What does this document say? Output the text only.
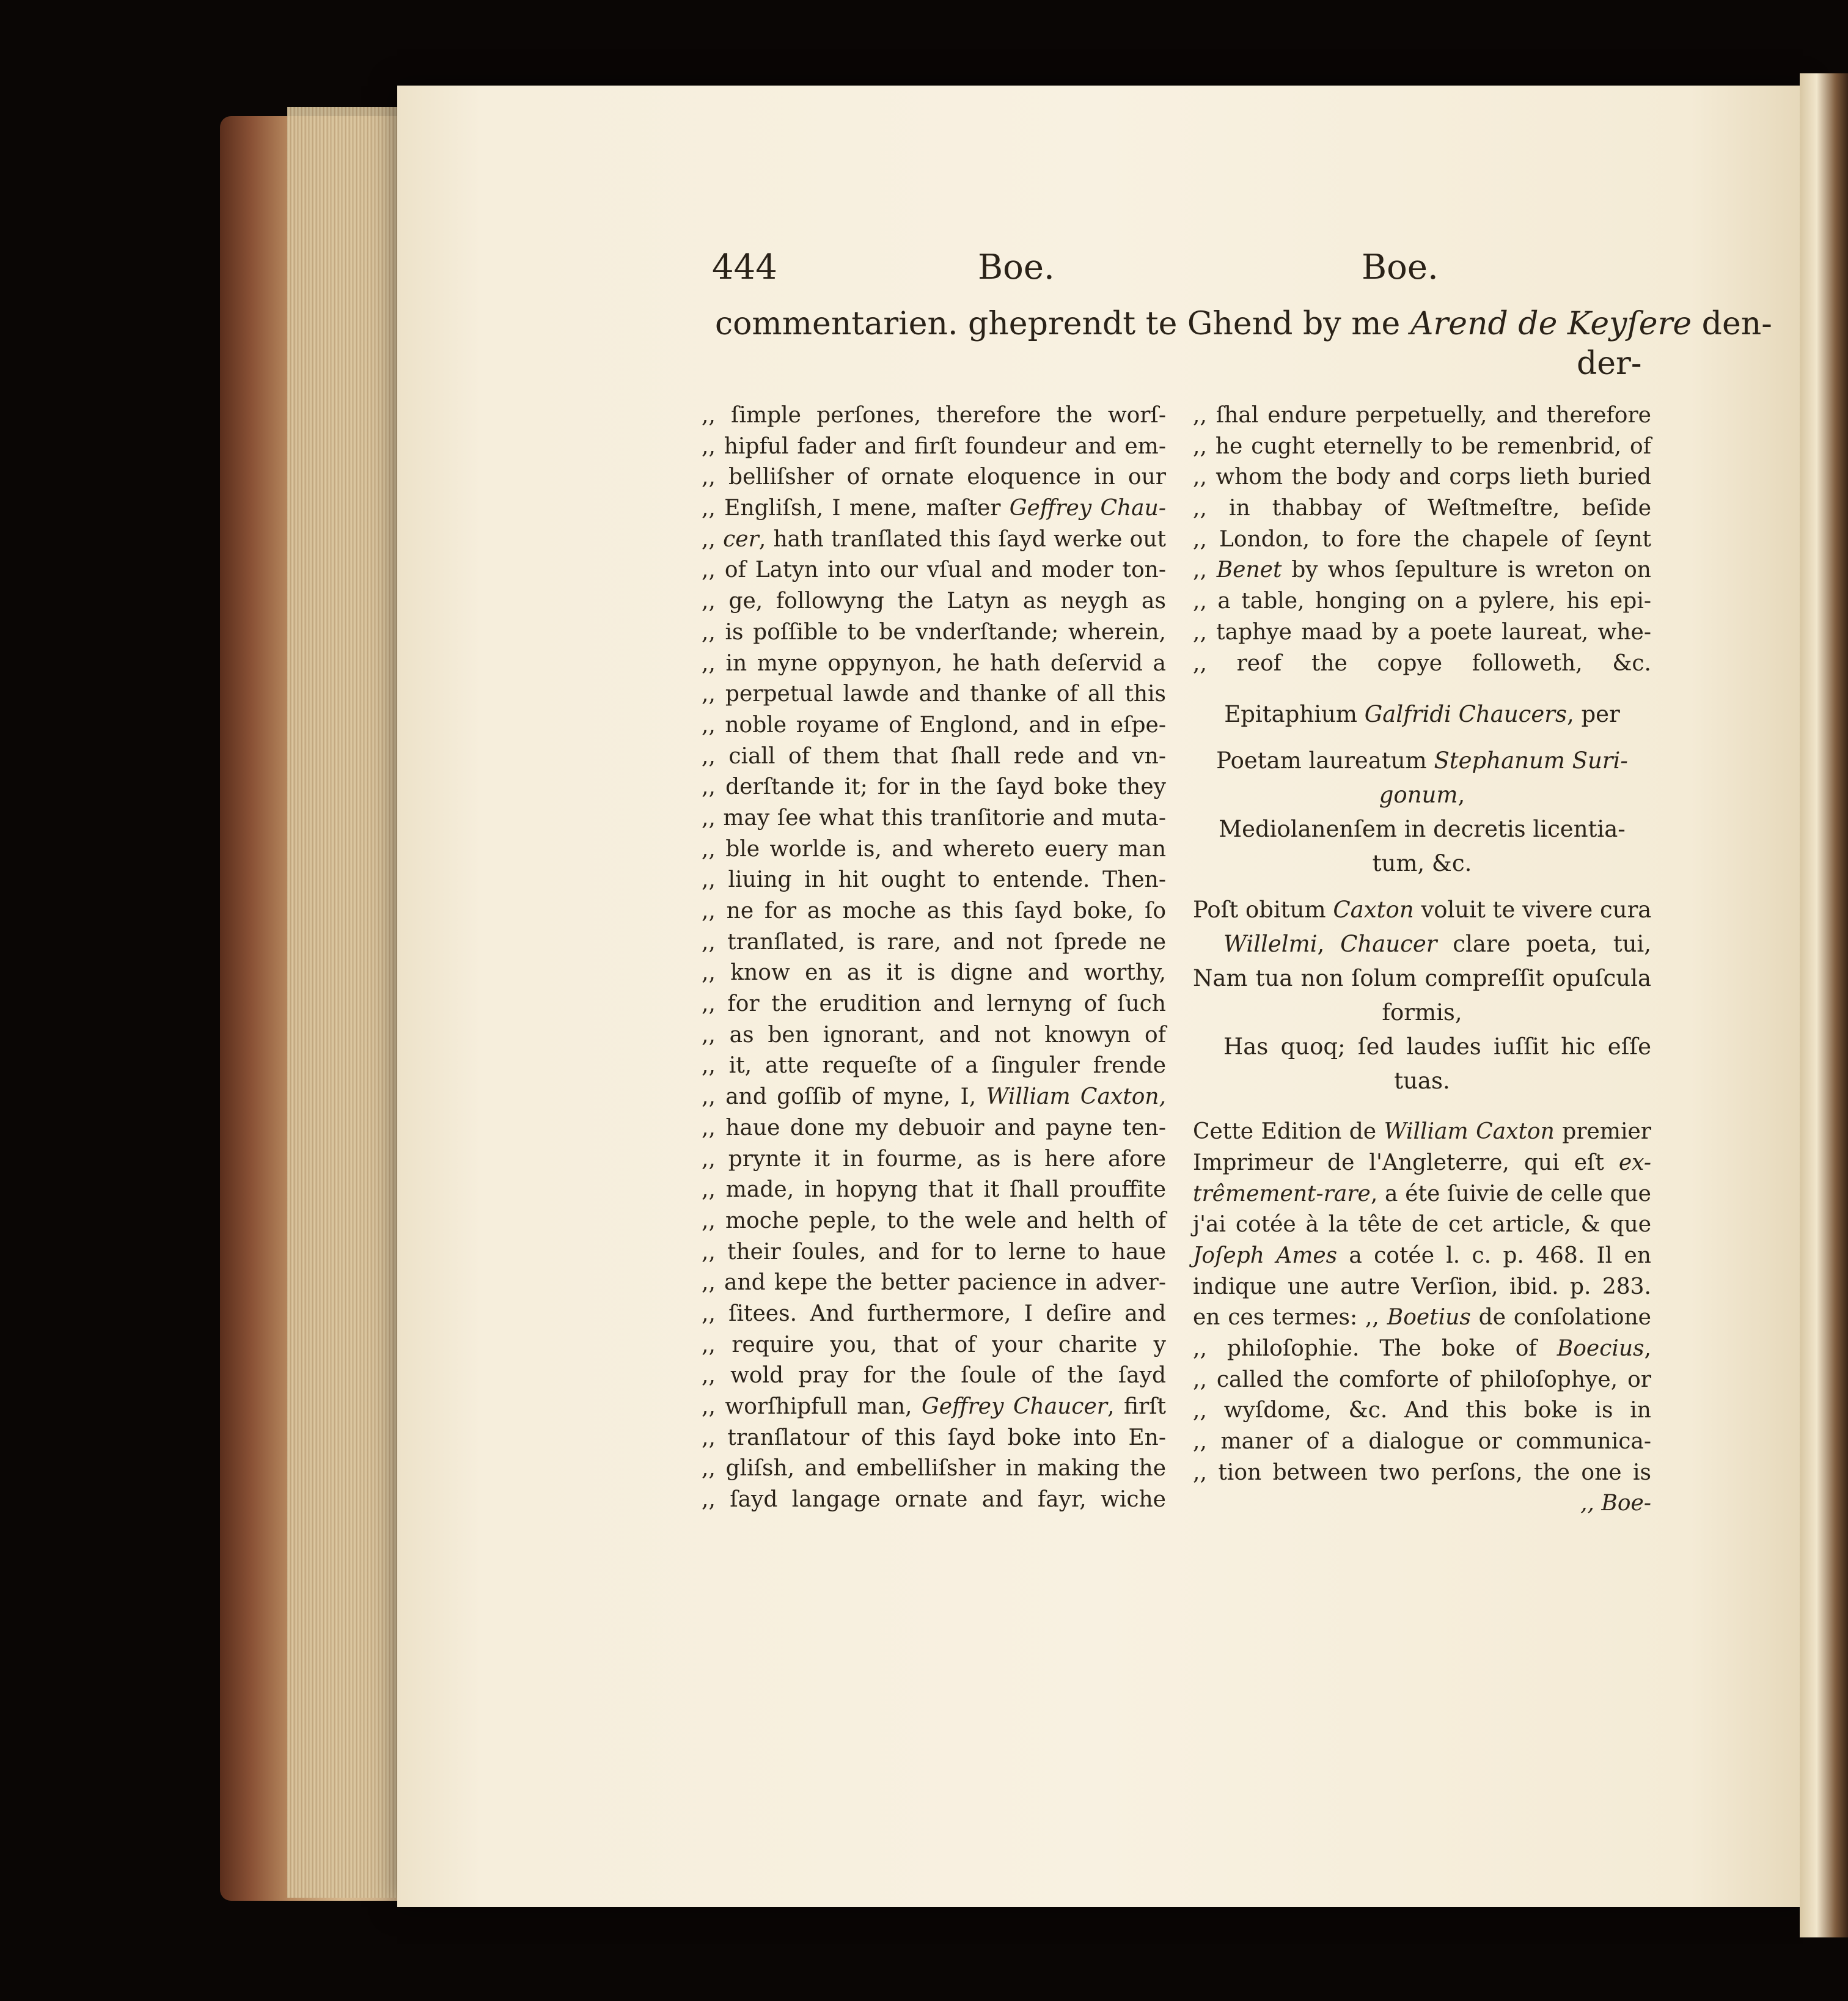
444	Boe.	Boe.
commentarien. gheprendt te Ghend by me Arend de Keyſere den-
der-
,, ſimple perſones, therefore the worſ-
,, hipful fader and firſt foundeur and em-
,, belliſsher of ornate eloquence in our
,, Engliſsh, I mene, maſter Geffrey Chau-
,, cer, hath tranſlated this ſayd werke out
,, of Latyn into our vſual and moder ton-
,, ge, followyng the Latyn as neygh as
,, is poſſible to be vnderſtande; wherein,
,, in myne oppynyon, he hath deſervid a
,, perpetual lawde and thanke of all this
,, noble royame of Englond, and in eſpe-
,, ciall of them that ſhall rede and vn-
,, derſtande it; for in the ſayd boke they
,, may ſee what this tranſitorie and muta-
,, ble worlde is, and whereto euery man
,, liuing in hit ought to entende. Then-
,, ne for as moche as this ſayd boke, ſo
,, tranſlated, is rare, and not ſprede ne
,, know en as it is digne and worthy,
,, for the erudition and lernyng of ſuch
,, as ben ignorant, and not knowyn of
,, it, atte requeſte of a ſinguler frende
,, and goſſib of myne, I, William Caxton,
,, haue done my debuoir and payne ten-
,, prynte it in fourme, as is here afore
,, made, in hopyng that it ſhall prouffite
,, moche peple, to the wele and helth of
,, their ſoules, and for to lerne to haue
,, and kepe the better pacience in adver-
,, ſitees. And furthermore, I deſire and
,, require you, that of your charite y
,, wold pray for the ſoule of the ſayd
,, worſhipfull man, Geffrey Chaucer, firſt
,, tranſlatour of this ſayd boke into En-
,, gliſsh, and embelliſsher in making the
,, ſayd langage ornate and fayr, wiche
,, ſhal endure perpetuelly, and therefore
,, he cught eternelly to be remenbrid, of
,, whom the body and corps lieth buried
,, in thabbay of Weſtmeſtre, beſide
,, London, to fore the chapele of ſeynt
,, Benet by whos ſepulture is wreton on
,, a table, honging on a pylere, his epi-
,, taphye maad by a poete laureat, whe-
,, reof the copye followeth, &c.
Epitaphium Galfridi Chaucers, per
Poetam laureatum Stephanum Suri-
gonum,
Mediolanenſem in decretis licentia-
tum, &c.
Poſt obitum Caxton voluit te vivere cura
Willelmi, Chaucer clare poeta, tui,
Nam tua non ſolum compreſſit opuſcula
formis,
Has quoq; ſed laudes iuſſit hic eſſe
tuas.
Cette Edition de William Caxton premier
Imprimeur de l'Angleterre, qui eſt ex-
trêmement-rare, a éte ſuivie de celle que
j'ai cotée à la tête de cet article, & que
Joſeph Ames a cotée l. c. p. 468. Il en
indique une autre Verſion, ibid. p. 283.
en ces termes: ,, Boetius de conſolatione
,, philoſophie. The boke of Boecius,
,, called the comforte of philoſophye, or
,, wyſdome, &c. And this boke is in
,, maner of a dialogue or communica-
,, tion between two perſons, the one is
,, Boe-
